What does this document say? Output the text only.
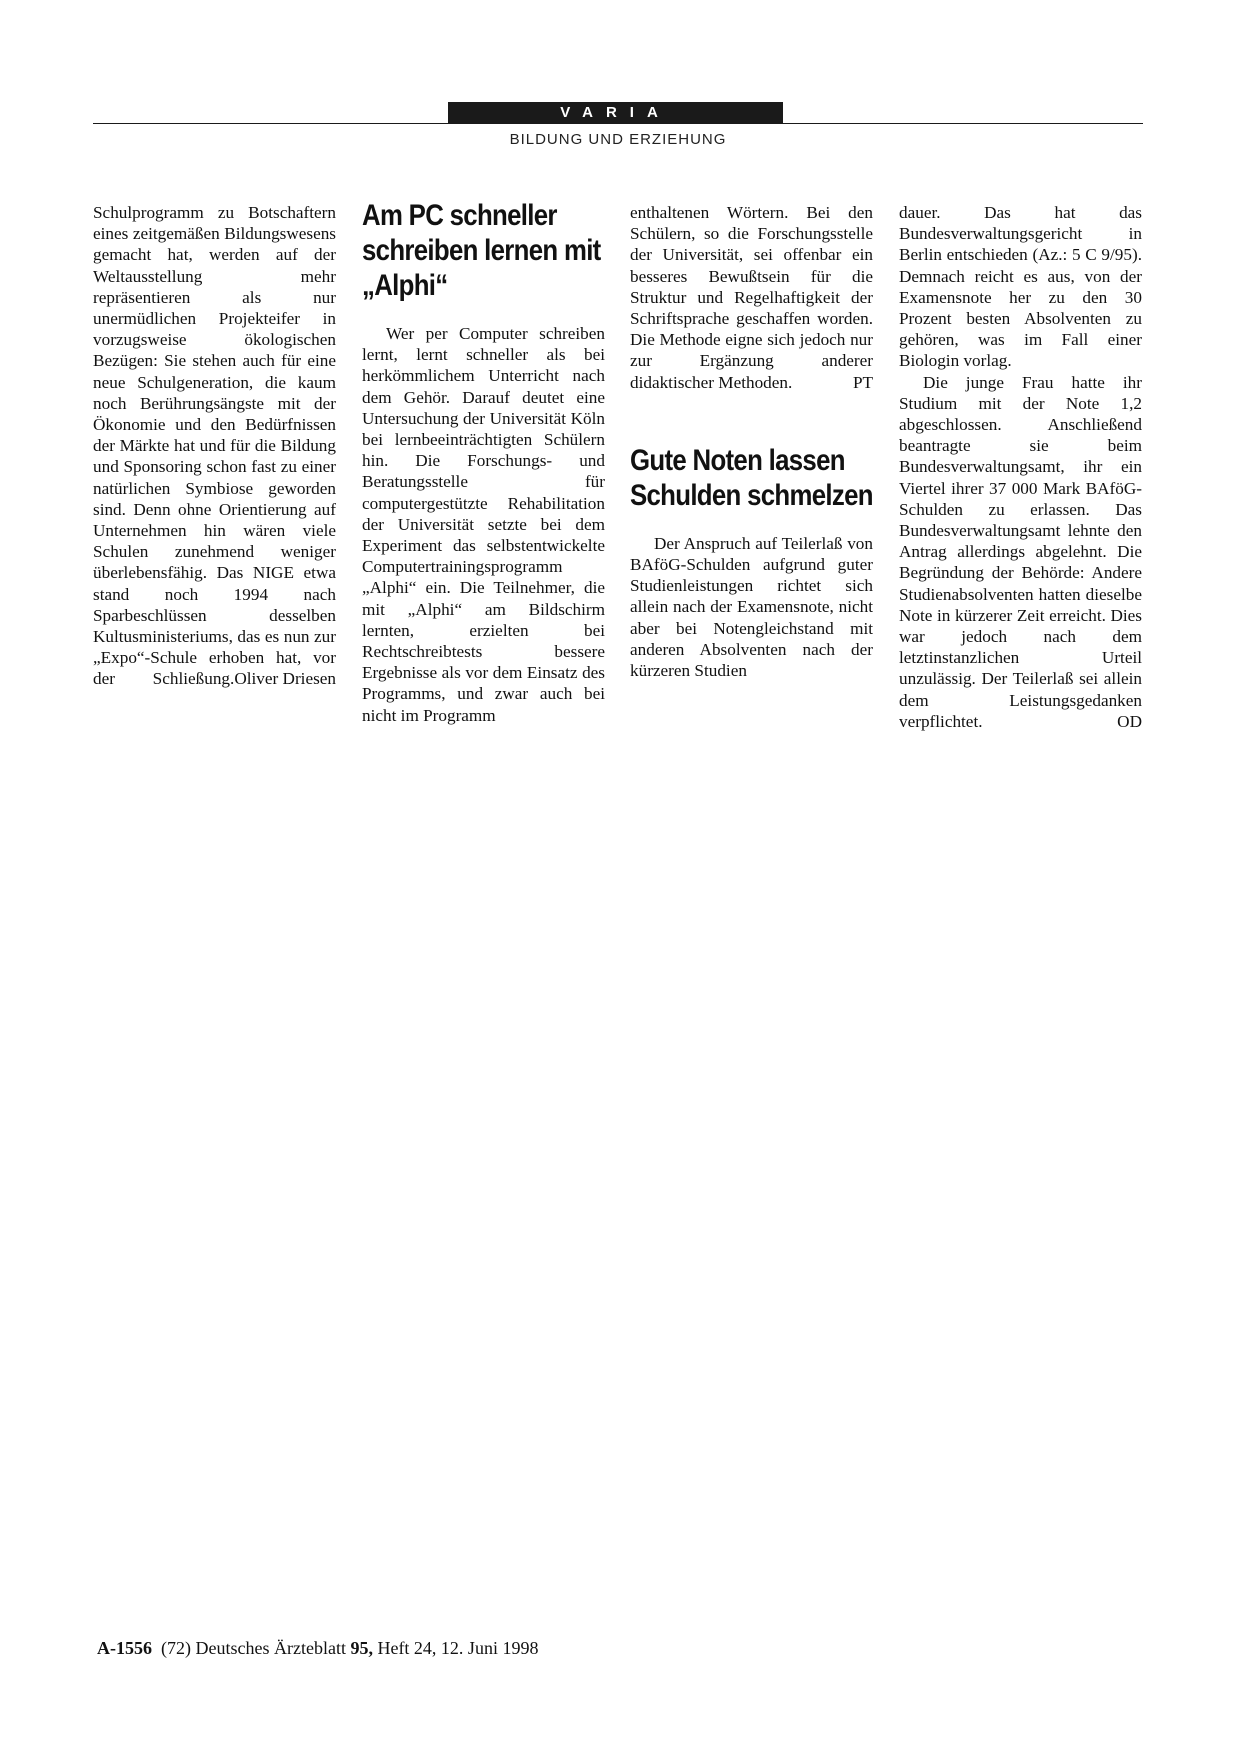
VARIA
BILDUNG UND ERZIEHUNG

Schulprogramm zu Botschaftern eines zeitgemäßen Bildungswesens gemacht hat, werden auf der Weltausstellung mehr repräsentieren als nur unermüdlichen Projekteifer in vorzugsweise ökologischen Bezügen: Sie stehen auch für eine neue Schulgeneration, die kaum noch Berührungsängste mit der Ökonomie und den Bedürfnissen der Märkte hat und für die Bildung und Sponsoring schon fast zu einer natürlichen Symbiose geworden sind. Denn ohne Orientierung auf Unternehmen hin wären viele Schulen zunehmend weniger überlebensfähig. Das NIGE etwa stand noch 1994 nach Sparbeschlüssen desselben Kultusministeriums, das es nun zur „Expo“-Schule erhoben hat, vor der Schließung. Oliver Driesen

Am PC schneller schreiben lernen mit „Alphi“

Wer per Computer schreiben lernt, lernt schneller als bei herkömmlichem Unterricht nach dem Gehör. Darauf deutet eine Untersuchung der Universität Köln bei lernbeeinträchtigten Schülern hin. Die Forschungs- und Beratungsstelle für computergestützte Rehabilitation der Universität setzte bei dem Experiment das selbstentwickelte Computertrainingsprogramm „Alphi“ ein. Die Teilnehmer, die mit „Alphi“ am Bildschirm lernten, erzielten bei Rechtschreibtests bessere Ergebnisse als vor dem Einsatz des Programms, und zwar auch bei nicht im Programm

enthaltenen Wörtern. Bei den Schülern, so die Forschungsstelle der Universität, sei offenbar ein besseres Bewußtsein für die Struktur und Regelhaftigkeit der Schriftsprache geschaffen worden. Die Methode eigne sich jedoch nur zur Ergänzung anderer didaktischer Methoden.	PT

Gute Noten lassen Schulden schmelzen

Der Anspruch auf Teilerlaß von BAföG-Schulden aufgrund guter Studienleistungen richtet sich allein nach der Examensnote, nicht aber bei Notengleichstand mit anderen Absolventen nach der kürzeren Studien

dauer. Das hat das Bundesverwaltungsgericht in Berlin entschieden (Az.: 5 C 9/95). Demnach reicht es aus, von der Examensnote her zu den 30 Prozent besten Absolventen zu gehören, was im Fall einer Biologin vorlag.

Die junge Frau hatte ihr Studium mit der Note 1,2 abgeschlossen. Anschließend beantragte sie beim Bundesverwaltungsamt, ihr ein Viertel ihrer 37 000 Mark BAföG-Schulden zu erlassen. Das Bundesverwaltungsamt lehnte den Antrag allerdings abgelehnt. Die Begründung der Behörde: Andere Studienabsolventen hatten dieselbe Note in kürzerer Zeit erreicht. Dies war jedoch nach dem letztinstanzlichen Urteil unzulässig. Der Teilerlaß sei allein dem Leistungsgedanken verpflichtet.	OD

A-1556 (72) Deutsches Ärzteblatt 95, Heft 24, 12. Juni 1998
